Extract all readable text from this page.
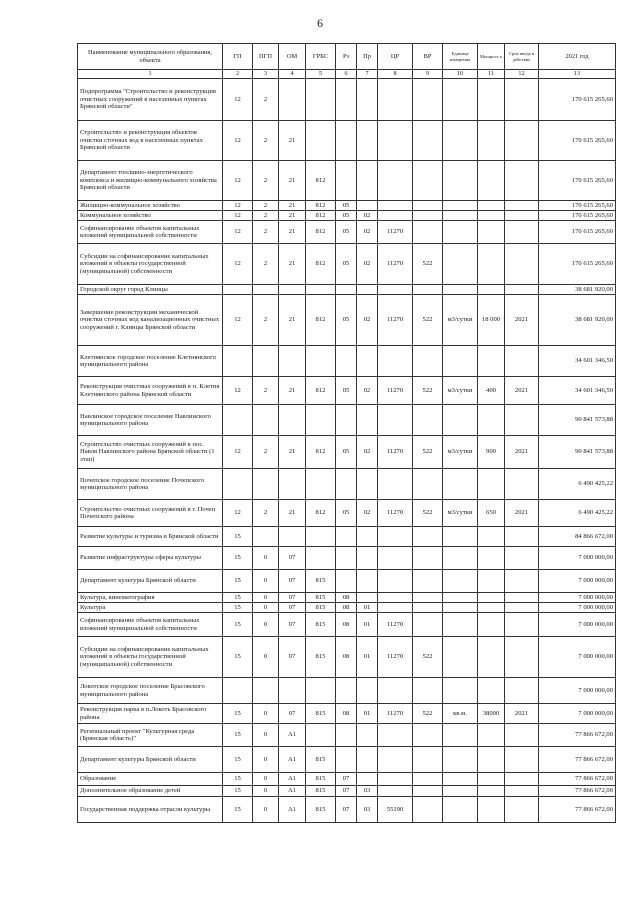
6
Наименование муниципального образования, объекта	ГП	ПГП	ОМ	ГРБС	Рз	Пр	ЦР	ВР	Единица измерения	Мощност ь	Срок ввода в действие	2021 год
1	2	3	4	5	6	7	8	9	10	11	12	13
Подпрограмма "Строительство и реконструкция очистных сооружений в населенных пунктах Брянской области"	12	2										170 615 265,60
Строительство и реконструкция объектов очистки сточных вод в населенных пунктах Брянской области	12	2	21									170 615 265,60
Департамент топливно-энергетического комплекса и жилищно-коммунального хозяйства Брянской области	12	2	21	812								170 615 265,60
Жилищно-коммунальное хозяйство	12	2	21	812	05							170 615 265,60
Коммунальное хозяйство	12	2	21	812	05	02						170 615 265,60
Софинансирование объектов капитальных вложений муниципальной собственности	12	2	21	812	05	02	11270					170 615 265,60
Субсидии на софинансирование капитальных вложений в объекты государственной (муниципальной) собственности	12	2	21	812	05	02	11270	522				170 615 265,60
Городской округ город Клинцы												38 681 920,00
Завершение реконструкции механической очистки сточных вод канализационных очистных сооружений г. Клинцы Брянской области	12	2	21	812	05	02	11270	522	м3/сутки	18 000	2021	38 681 920,00
Клетнянское городское поселение Клетнянского муниципального района												34 601 346,50
Реконструкция очистных сооружений в п. Клетня Клетнянского района Брянской области	12	2	21	812	05	02	11270	522	м3/сутки	400	2021	34 601 346,50
Навлинское городское поселение Навлинского муниципального района												90 841 573,88
Строительство очистных сооружений в пос. Навля Навлинского района Брянской области (1 этап)	12	2	21	812	05	02	11270	522	м3/сутки	900	2021	90 841 573,88
Почепское городское поселение Почепского муниципального района												6 490 425,22
Строительство очистных сооружений в г. Почеп Почепского района	12	2	21	812	05	02	11270	522	м3/сутки	650	2021	6 490 425,22
Развитие культуры и туризма в Брянской области	15											84 866 672,00
Развитие инфраструктуры сферы культуры	15	0	07									7 000 000,00
Департамент культуры Брянской области	15	0	07	815								7 000 000,00
Культура, кинематография	15	0	07	815	08							7 000 000,00
Культура	15	0	07	815	08	01						7 000 000,00
Софинансирование объектов капитальных вложений муниципальной собственности	15	0	07	815	08	01	11270					7 000 000,00
Субсидии на софинансирование капитальных вложений в объекты государственной (муниципальной) собственности	15	0	07	815	08	01	11270	522				7 000 000,00
Локотское городское поселение Брасовского муниципального района												7 000 000,00
Реконструкция парка в п.Локоть Брасовского района	15	0	07	815	08	01	11270	522	кв.м.	38000	2021	7 000 000,00
Региональный проект "Культурная среда (Брянская область)"	15	0	A1									77 866 672,00
Департамент культуры Брянской области	15	0	A1	815								77 866 672,00
Образование	15	0	A1	815	07							77 866 672,00
Дополнительное образование детей	15	0	A1	815	07	03						77 866 672,00
Государственная поддержка отрасли культуры	15	0	A1	815	07	03	55190					77 866 672,00
